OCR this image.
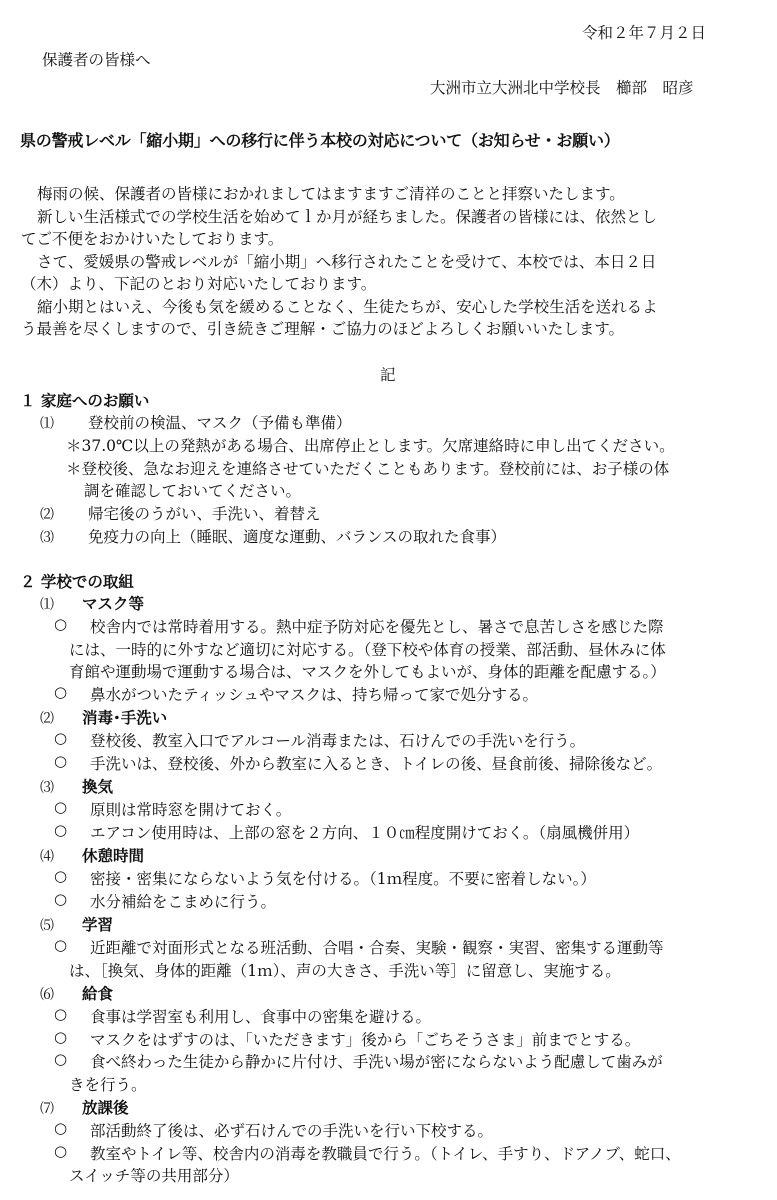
令和２年７月２日
保護者の皆様へ
大洲市立大洲北中学校長　櫛部　昭彦
県の警戒レベル「縮小期」への移行に伴う本校の対応について（お知らせ・お願い）
梅雨の候、保護者の皆様におかれましてはますますご清祥のことと拝察いたします。
新しい生活様式での学校生活を始めてｌか月が経ちました。保護者の皆様には、依然とし
てご不便をおかけいたしております。
さて、愛媛県の警戒レベルが「縮小期」へ移行されたことを受けて、本校では、本日２日
（木）より、下記のとおり対応いたしております。
縮小期とはいえ、今後も気を緩めることなく、生徒たちが、安心した学校生活を送れるよ
う最善を尽くしますので、引き続きご理解・ご協力のほどよろしくお願いいたします。
記
１ 家庭へのお願い
⑴ 登校前の検温、マスク（予備も準備）
＊37.0℃以上の発熱がある場合、出席停止とします。欠席連絡時に申し出てください。
＊登校後、急なお迎えを連絡させていただくこともあります。登校前には、お子様の体
調を確認しておいてください。
⑵ 帰宅後のうがい、手洗い、着替え
⑶ 免疫力の向上（睡眠、適度な運動、バランスの取れた食事）
２ 学校での取組
⑴ マスク等
○ 校舎内では常時着用する。熱中症予防対応を優先とし、暑さで息苦しさを感じた際
には、一時的に外すなど適切に対応する。（登下校や体育の授業、部活動、昼休みに体
育館や運動場で運動する場合は、マスクを外してもよいが、身体的距離を配慮する。）
○ 鼻水がついたティッシュやマスクは、持ち帰って家で処分する。
⑵ 消毒･手洗い
○ 登校後、教室入口でアルコール消毒または、石けんでの手洗いを行う。
○ 手洗いは、登校後、外から教室に入るとき、トイレの後、昼食前後、掃除後など。
⑶ 換気
○ 原則は常時窓を開けておく。
○ エアコン使用時は、上部の窓を２方向、１０㎝程度開けておく。（扇風機併用）
⑷ 休憩時間
○ 密接・密集にならないよう気を付ける。（1ｍ程度。不要に密着しない。）
○ 水分補給をこまめに行う。
⑸ 学習
○ 近距離で対面形式となる班活動、合唱・合奏、実験・観察・実習、密集する運動等
は、［換気、身体的距離（1ｍ）、声の大きさ、手洗い等］に留意し、実施する。
⑹ 給食
○ 食事は学習室も利用し、食事中の密集を避ける。
○ マスクをはずすのは、「いただきます」後から「ごちそうさま」前までとする。
○ 食べ終わった生徒から静かに片付け、手洗い場が密にならないよう配慮して歯みが
きを行う。
⑺ 放課後
○ 部活動終了後は、必ず石けんでの手洗いを行い下校する。
○ 教室やトイレ等、校舎内の消毒を教職員で行う。（トイレ、手すり、ドアノブ、蛇口、
スイッチ等の共用部分）
